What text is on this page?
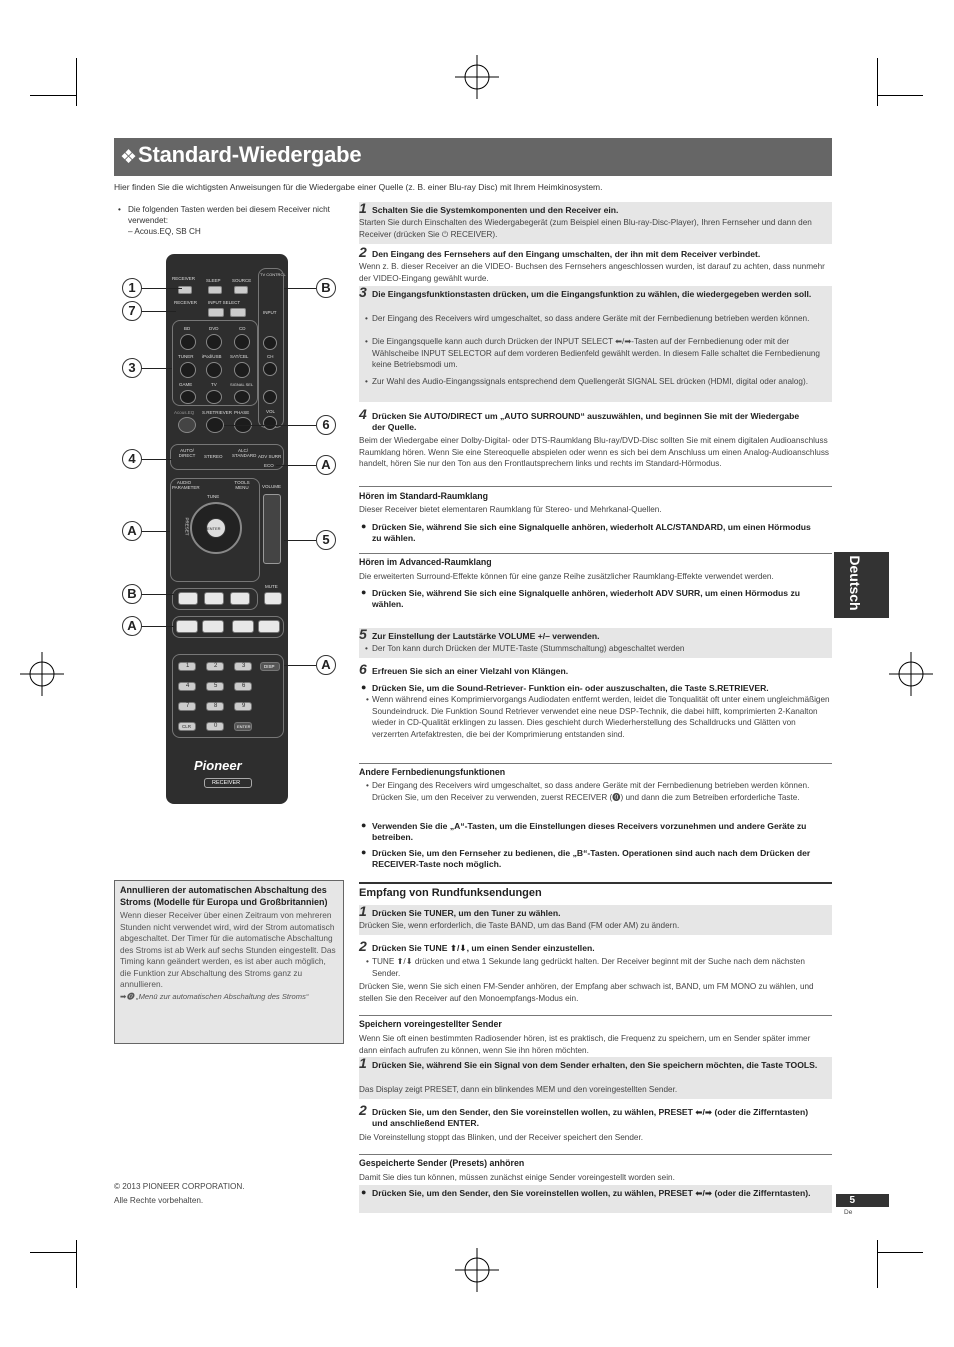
❖ Standard-Wiedergabe
Hier finden Sie die wichtigsten Anweisungen für die Wiedergabe einer Quelle (z. B. einer Blu-ray Disc) mit Ihrem Heimkinosystem.
Deutsch
• Die folgenden Tasten werden bei diesem Receiver nicht verwendet:
– Acous.EQ, SB CH
RECEIVER SLEEP	SOURCE
TV CONTROL
RECEIVER INPUT SELECT
INPUT
BD	DVD	CD
TUNER iPod/USB SAT/CBL
GAME	TV	SIGNAL SEL
CH
VOL
Acous.EQ S.RETRIEVER PHASE
AUTO/ DIRECT	STEREO
ALC/ STANDARD ADV SURR
ECO
AUDIO PARAMETER
TOOLS MENU	VOLUME
TUNE
ENTER
PRESET
MUTE
1	2	3	DISP
4	5	6
7	8	9
CLR	0	ENTER
Pioneer
RECEIVER
1
7
3
4
A
B
A
B
6
A
5
A
1 Schalten Sie die Systemkomponenten und den Receiver ein.
Starten Sie durch Einschalten des Wiedergabegerät (zum Beispiel einen Blu-ray-Disc-Player), Ihren Fernseher und dann den Receiver (drücken Sie ⏻ RECEIVER).
2 Den Eingang des Fernsehers auf den Eingang umschalten, der ihn mit dem Receiver verbindet.
Wenn z. B. dieser Receiver an die VIDEO- Buchsen des Fernsehers angeschlossen wurden, ist darauf zu achten, dass nunmehr der VIDEO-Eingang gewählt wurde.
3 Die Eingangsfunktionstasten drücken, um die Eingangsfunktion zu wählen, die wiedergegeben werden soll.
• Der Eingang des Receivers wird umgeschaltet, so dass andere Geräte mit der Fernbedienung betrieben werden können.
• Die Eingangsquelle kann auch durch Drücken der INPUT SELECT ⬅/➡-Tasten auf der Fernbedienung oder mit der Wählscheibe INPUT SELECTOR auf dem vorderen Bedienfeld gewählt werden. In diesem Falle schaltet die Fernbedienung keine Betriebsmodi um.
• Zur Wahl des Audio-Eingangssignals entsprechend dem Quellengerät SIGNAL SEL drücken (HDMI, digital oder analog).
4 Drücken Sie AUTO/DIRECT um „AUTO SURROUND“ auszuwählen, und beginnen Sie mit der Wiedergabe der Quelle.
Beim der Wiedergabe einer Dolby-Digital- oder DTS-Raumklang Blu-ray/DVD-Disc sollten Sie mit einem digitalen Audioanschluss Raumklang hören. Wenn Sie eine Stereoquelle abspielen oder wenn es sich bei dem Anschluss um einen Analog-Audioanschluss handelt, hören Sie nur den Ton aus den Frontlautsprechern links und rechts im Standard-Hörmodus.
Hören im Standard-Raumklang
Dieser Receiver bietet elementaren Raumklang für Stereo- und Mehrkanal-Quellen.
● Drücken Sie, während Sie sich eine Signalquelle anhören, wiederholt ALC/STANDARD, um einen Hörmodus zu wählen.
Hören im Advanced-Raumklang
Die erweiterten Surround-Effekte können für eine ganze Reihe zusätzlicher Raumklang-Effekte verwendet werden.
● Drücken Sie, während Sie sich eine Signalquelle anhören, wiederholt ADV SURR, um einen Hörmodus zu wählen.
5 Zur Einstellung der Lautstärke VOLUME +/– verwenden.
• Der Ton kann durch Drücken der MUTE-Taste (Stummschaltung) abgeschaltet werden
6 Erfreuen Sie sich an einer Vielzahl von Klängen.
● Drücken Sie, um die Sound-Retriever- Funktion ein- oder auszuschalten, die Taste S.RETRIEVER.
• Wenn während eines Komprimiervorgangs Audiodaten entfernt werden, leidet die Tonqualität oft unter einem ungleichmäßigen Soundeindruck. Die Funktion Sound Retriever verwendet eine neue DSP-Technik, die dabei hilft, komprimierten 2-Kanalton wieder in CD-Qualität erklingen zu lassen. Dies geschieht durch Wiederherstellung des Schalldrucks und Glätten von verzerrten Artefaktresten, die bei der Komprimierung entstanden sind.
Andere Fernbedienungsfunktionen
• Der Eingang des Receivers wird umgeschaltet, so dass andere Geräte mit der Fernbedienung betrieben werden können. Drücken Sie, um den Receiver zu verwenden, zuerst RECEIVER (⓿) und dann die zum Betreiben erforderliche Taste.
● Verwenden Sie die „A“-Tasten, um die Einstellungen dieses Receivers vorzunehmen und andere Geräte zu betreiben.
● Drücken Sie, um den Fernseher zu bedienen, die „B“-Tasten. Operationen sind auch nach dem Drücken der RECEIVER-Taste noch möglich.
Empfang von Rundfunksendungen
1 Drücken Sie TUNER, um den Tuner zu wählen.
Drücken Sie, wenn erforderlich, die Taste BAND, um das Band (FM oder AM) zu ändern.
2 Drücken Sie TUNE ⬆/⬇, um einen Sender einzustellen.
• TUNE ⬆/⬇ drücken und etwa 1 Sekunde lang gedrückt halten. Der Receiver beginnt mit der Suche nach dem nächsten Sender.
Drücken Sie, wenn Sie sich einen FM-Sender anhören, der Empfang aber schwach ist, BAND, um FM MONO zu wählen, und stellen Sie den Receiver auf den Monoempfangs-Modus ein.
Speichern voreingestellter Sender
Wenn Sie oft einen bestimmten Radiosender hören, ist es praktisch, die Frequenz zu speichern, um en Sender später immer dann einfach aufrufen zu können, wenn Sie ihn hören möchten.
1 Drücken Sie, während Sie ein Signal von dem Sender erhalten, den Sie speichern möchten, die Taste TOOLS.
Das Display zeigt PRESET, dann ein blinkendes MEM und den voreingestellten Sender.
2 Drücken Sie, um den Sender, den Sie voreinstellen wollen, zu wählen, PRESET ⬅/➡ (oder die Zifferntasten) und anschließend ENTER.
Die Voreinstellung stoppt das Blinken, und der Receiver speichert den Sender.
Gespeicherte Sender (Presets) anhören
Damit Sie dies tun können, müssen zunächst einige Sender voreingestellt worden sein.
● Drücken Sie, um den Sender, den Sie voreinstellen wollen, zu wählen, PRESET ⬅/➡ (oder die Zifferntasten).
Annullieren der automatischen Abschaltung des Stroms (Modelle für Europa und Großbritannien)
Wenn dieser Receiver über einen Zeitraum von mehreren Stunden nicht verwendet wird, wird der Strom automatisch abgeschaltet. Der Timer für die automatische Abschaltung des Stroms ist ab Werk auf sechs Stunden eingestellt. Das Timing kann geändert werden, es ist aber auch möglich, die Funktion zur Abschaltung des Stroms ganz zu annullieren.
➡⓿ „Menü zur automatischen Abschaltung des Stroms“
© 2013 PIONEER CORPORATION.
Alle Rechte vorbehalten.	5
De
